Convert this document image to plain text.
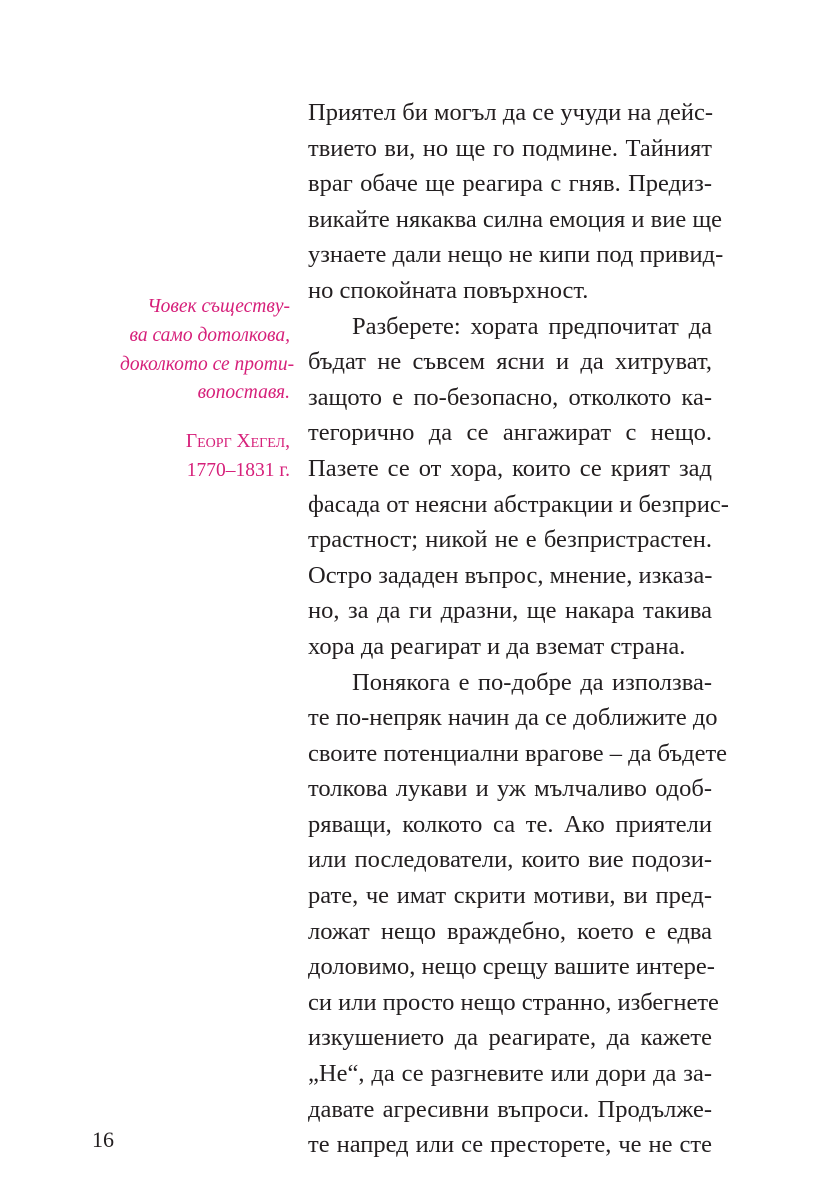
Човек съществу-
ва само дотолкова,
доколкото се проти-
вопоставя.
Георг Хегел,
1770–1831 г.
Приятел би могъл да се учуди на дейс-
твието ви, но ще го подмине. Тайният
враг обаче ще реагира с гняв. Предиз-
викайте някаква силна емоция и вие ще
узнаете дали нещо не кипи под привид-
но спокойната повърхност.
Разберете: хората предпочитат да
бъдат не съвсем ясни и да хитруват,
защото е по-безопасно, отколкото ка-
тегорично да се ангажират с нещо.
Пазете се от хора, които се крият зад
фасада от неясни абстракции и безприс-
трастност; никой не е безпристрастен.
Остро зададен въпрос, мнение, изказа-
но, за да ги дразни, ще накара такива
хора да реагират и да вземат страна.
Понякога е по-добре да използва-
те по-непряк начин да се доближите до
своите потенциални врагове – да бъдете
толкова лукави и уж мълчаливо одоб-
ряващи, колкото са те. Ако приятели
или последователи, които вие подози-
рате, че имат скрити мотиви, ви пред-
ложат нещо враждебно, което е едва
доловимо, нещо срещу вашите интере-
си или просто нещо странно, избегнете
изкушението да реагирате, да кажете
„Не“, да се разгневите или дори да за-
давате агресивни въпроси. Продълже-
те напред или се престорете, че не сте
16
